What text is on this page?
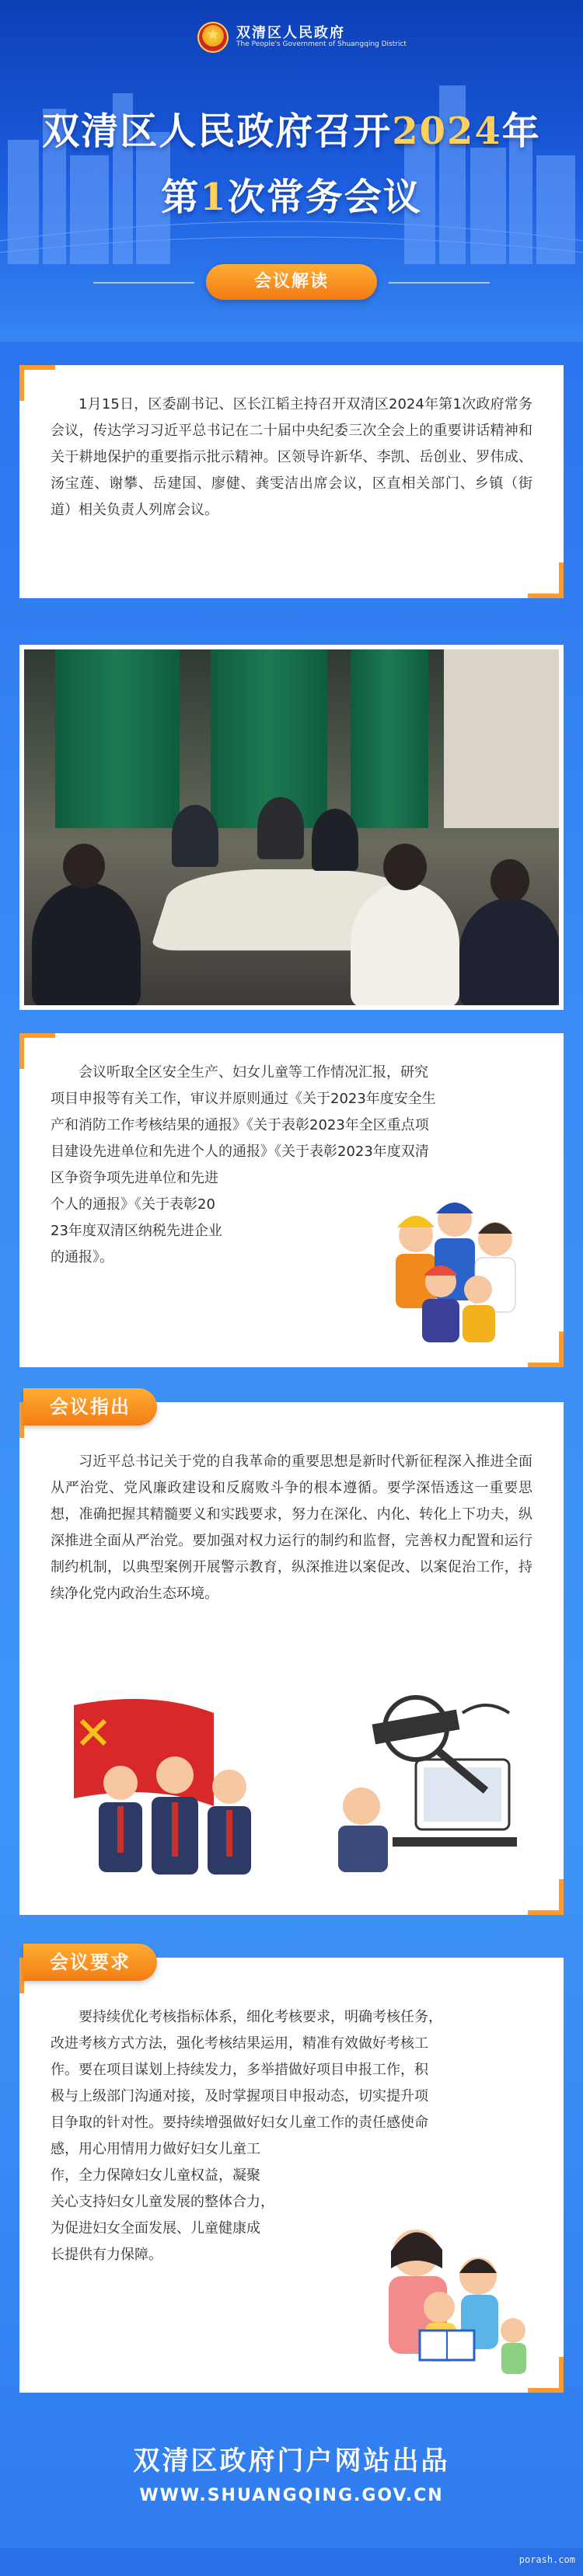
★
双清区人民政府
The People's Government of Shuangqing District
双清区人民政府召开2024年
第1次常务会议
会议解读
1月15日，区委副书记、区长江韬主持召开双清区2024年第1次政府常务会议，传达学习习近平总书记在二十届中央纪委三次全会上的重要讲话精神和关于耕地保护的重要指示批示精神。区领导许新华、李凯、岳创业、罗伟成、汤宝莲、谢攀、岳建国、廖健、龚雯洁出席会议，区直相关部门、乡镇（街道）相关负责人列席会议。
会议听取全区安全生产、妇女儿童等工作情况汇报，研究
项目申报等有关工作，审议并原则通过《关于2023年度安全生
产和消防工作考核结果的通报》《关于表彰2023年全区重点项
目建设先进单位和先进个人的通报》《关于表彰2023年度双清
区争资争项先进单位和先进
个人的通报》《关于表彰20
23年度双清区纳税先进企业
的通报》。
会议指出
习近平总书记关于党的自我革命的重要思想是新时代新征程深入推进全面从严治党、党风廉政建设和反腐败斗争的根本遵循。要学深悟透这一重要思想，准确把握其精髓要义和实践要求，努力在深化、内化、转化上下功夫，纵深推进全面从严治党。要加强对权力运行的制约和监督，完善权力配置和运行制约机制，以典型案例开展警示教育，纵深推进以案促改、以案促治工作，持续净化党内政治生态环境。
会议要求
要持续优化考核指标体系，细化考核要求，明确考核任务，
改进考核方式方法，强化考核结果运用，精准有效做好考核工
作。要在项目谋划上持续发力，多举措做好项目申报工作，积
极与上级部门沟通对接，及时掌握项目申报动态，切实提升项
目争取的针对性。要持续增强做好妇女儿童工作的责任感使命
感，用心用情用力做好妇女儿童工
作，全力保障妇女儿童权益，凝聚
关心支持妇女儿童发展的整体合力，
为促进妇女全面发展、儿童健康成
长提供有力保障。
双清区政府门户网站出品
WWW.SHUANGQING.GOV.CN
porash.com
